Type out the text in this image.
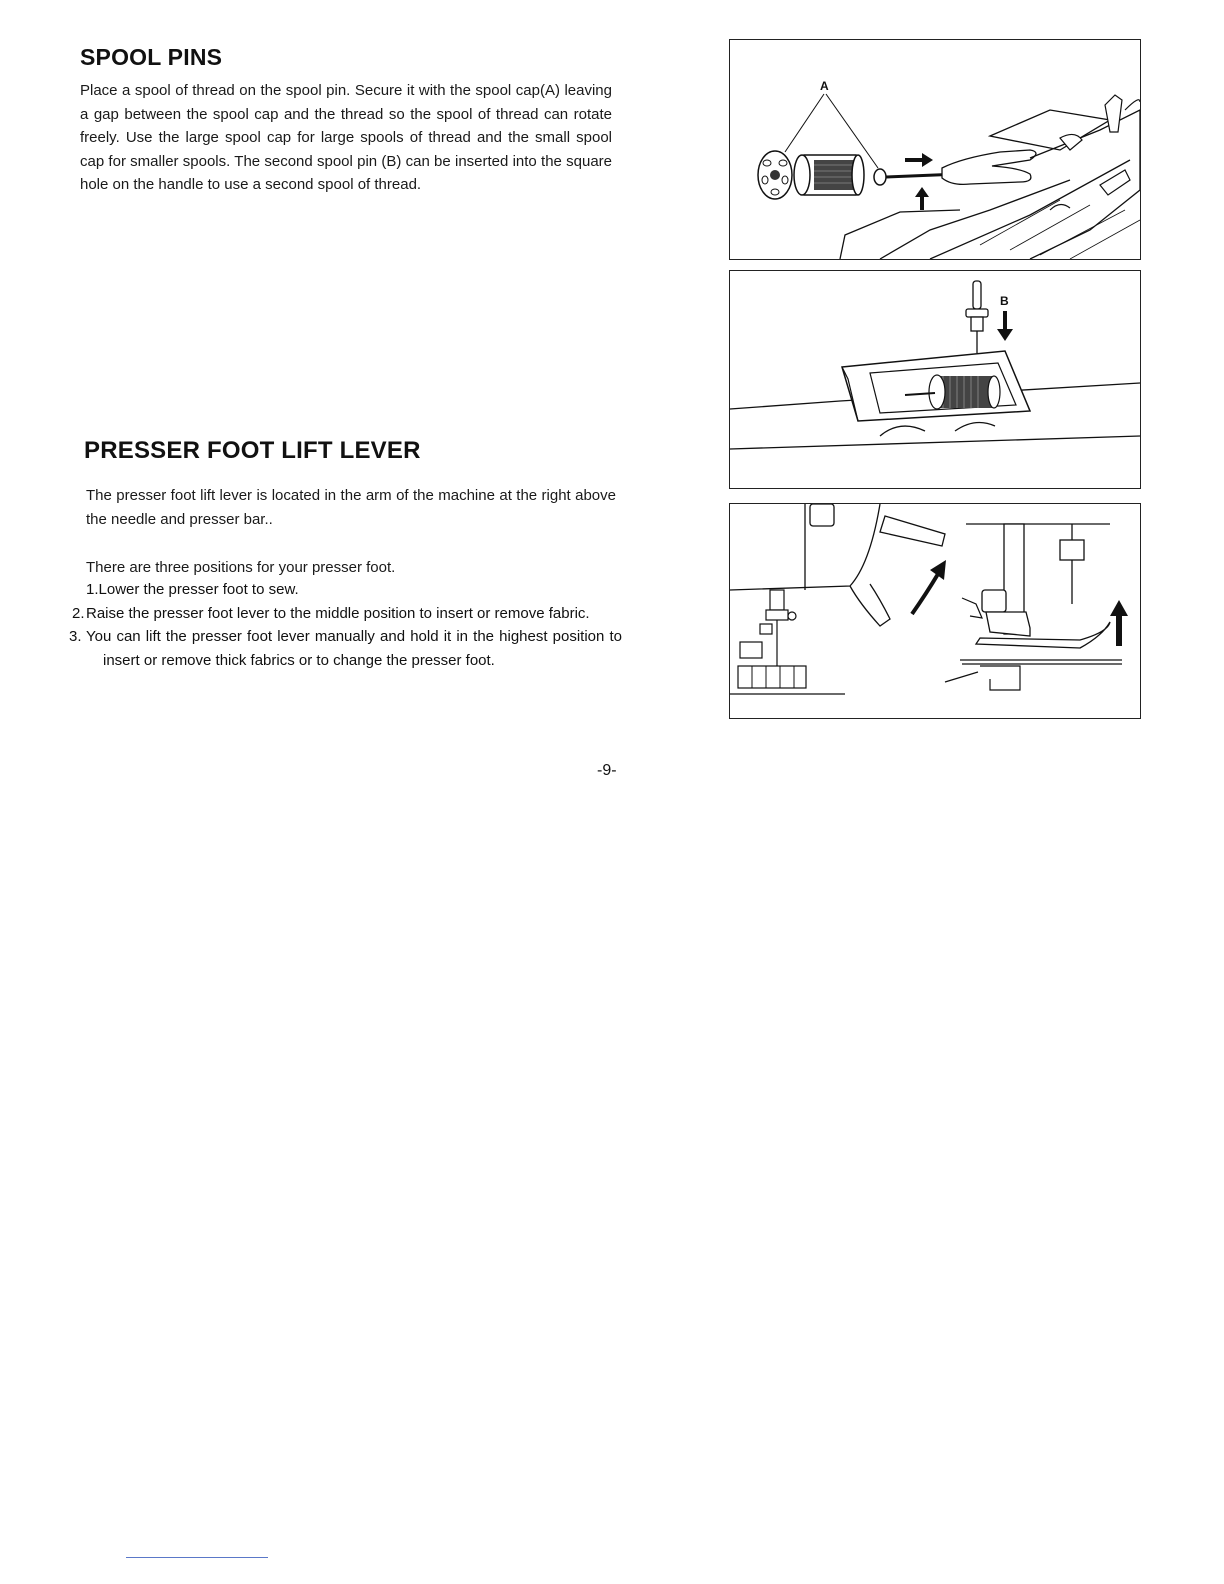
SPOOL PINS

Place a spool of thread on the spool pin. Secure it with the spool cap(A) leaving a gap between the spool cap and the thread so the spool of thread can rotate freely. Use the large spool cap for large spools of thread and the small spool cap for smaller spools. The second spool pin (B) can be inserted into the square hole on the handle to use a second spool of thread.

PRESSER FOOT LIFT LEVER

The presser foot lift lever is located in the arm of the machine at the right above the needle and presser bar..

There are three positions for your presser foot.

1.Lower the presser foot to sew.
2.Raise the presser foot lever to the middle position to insert or remove fabric.
3. You can lift the presser foot lever manually and hold it in the highest position to insert or remove thick fabrics or to change the presser foot.
A
B
-9-
